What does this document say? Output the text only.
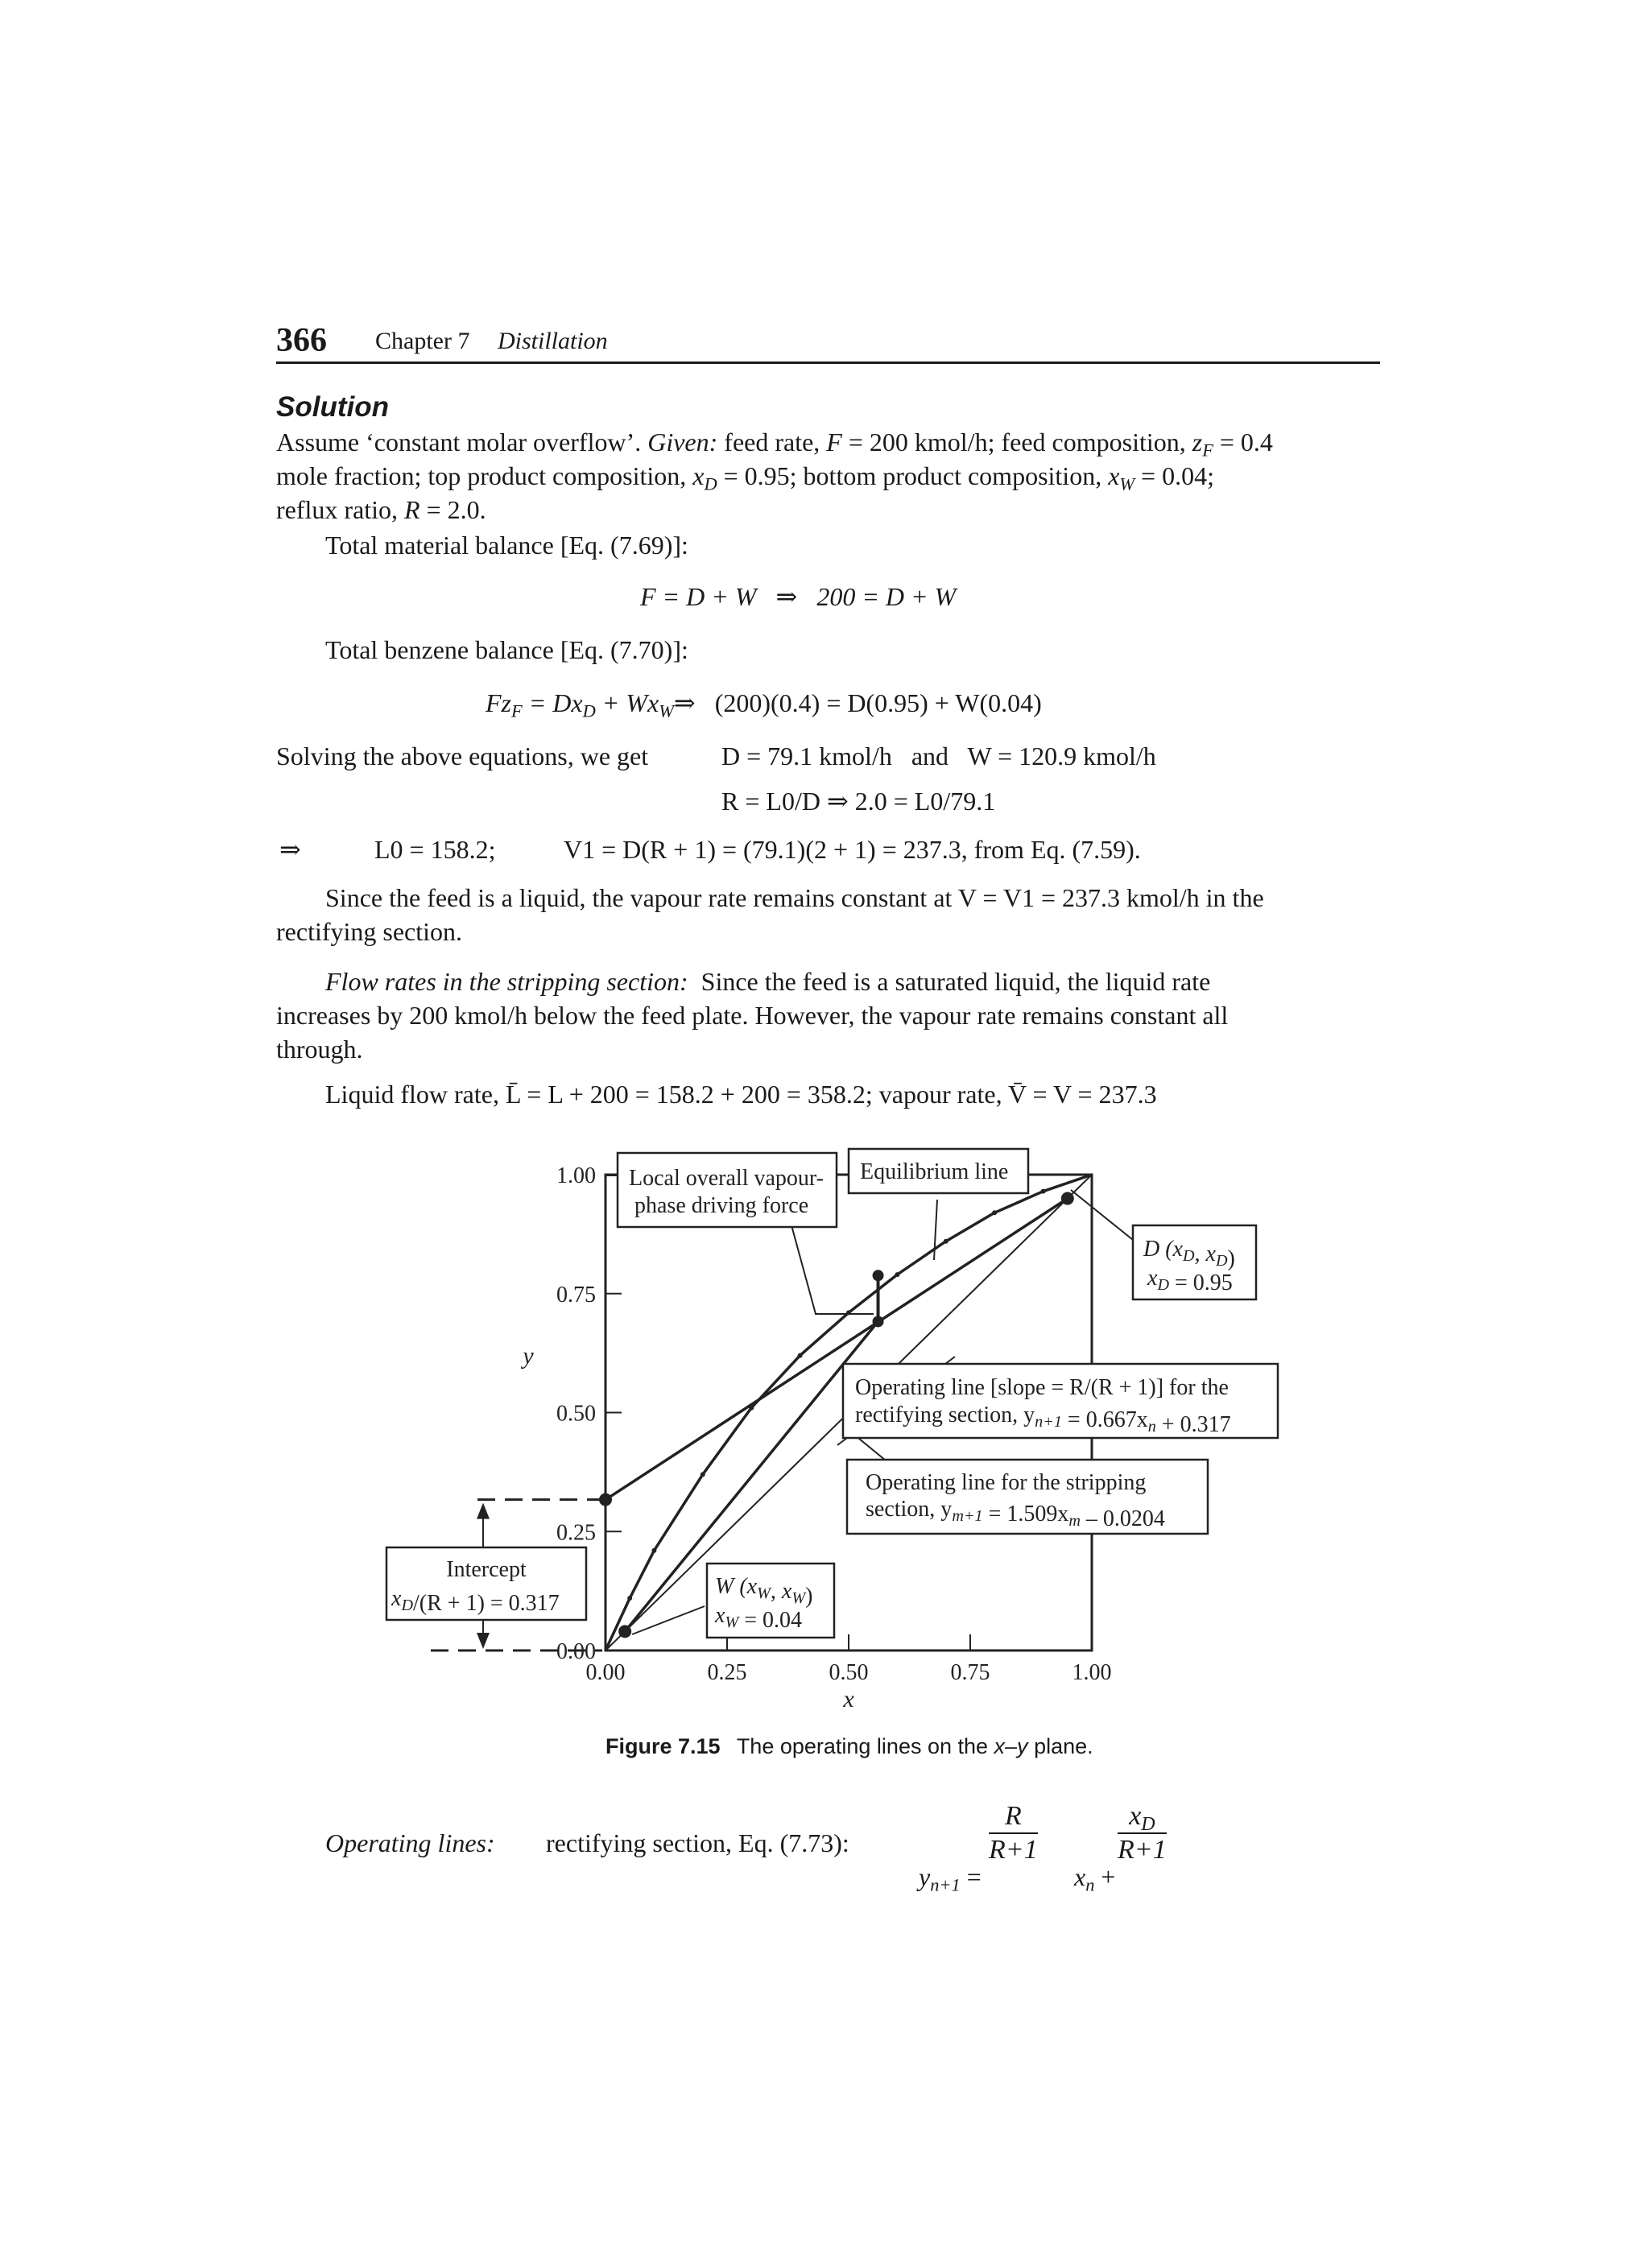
366 Chapter 7 Distillation
Solution
Assume ‘constant molar overflow’. Given: feed rate, F = 200 kmol/h; feed composition, $z_F = 0.4$
mole fraction; top product composition, $x_D = 0.95$; bottom product composition, $x_W = 0.04$;
reflux ratio, R = 2.0.
Total material balance [Eq. (7.69)]:
F = D + W   ⇒   200 = D + W
Total benzene balance [Eq. (7.70)]:
$Fz_F = Dx_D$ + $Wx_W\Rightarrow$   (200)(0.4) = D(0.95) + W(0.04)
Solving the above equations, we get	D = 79.1 kmol/h   and   W = 120.9 kmol/h
R = L0/D ⇒ 2.0 = L0/79.1
⇒	L0 = 158.2;	V1 = D(R + 1) = (79.1)(2 + 1) = 237.3, from Eq. (7.59).
Since the feed is a liquid, the vapour rate remains constant at V = V1 = 237.3 kmol/h in the
rectifying section.
Flow rates in the stripping section: Since the feed is a saturated liquid, the liquid rate
increases by 200 kmol/h below the feed plate. However, the vapour rate remains constant all
through.
Liquid flow rate, L̄ = L + 200 = 158.2 + 200 = 358.2; vapour rate, V̄ = V = 237.3
0.00
0.00
0.25
0.25
0.50
0.50
0.75
0.75
1.00
1.00
x
y
Local overall vapour-
phase driving force
Equilibrium line
D ($x_D$, $x_D$)
$x_D = 0.95$
Operating line [slope = R/(R + 1)] for the
rectifying section, $y_{n+1} = 0.667x_n + 0.317$
Operating line for the stripping
section, $y_{m+1} = 1.509x_m - 0.0204$
Intercept
$x_D/(R + 1) = 0.317$
W ($x_W$, $x_W$)
$x_W = 0.04$
Figure 7.15 The operating lines on the x–y plane.
Operating lines: rectifying section, Eq. (7.73):

$y_{n+1}$ =

$\frac{R}{R+1}$

$x_n$ +

$\frac{x_D}{R+1}$
